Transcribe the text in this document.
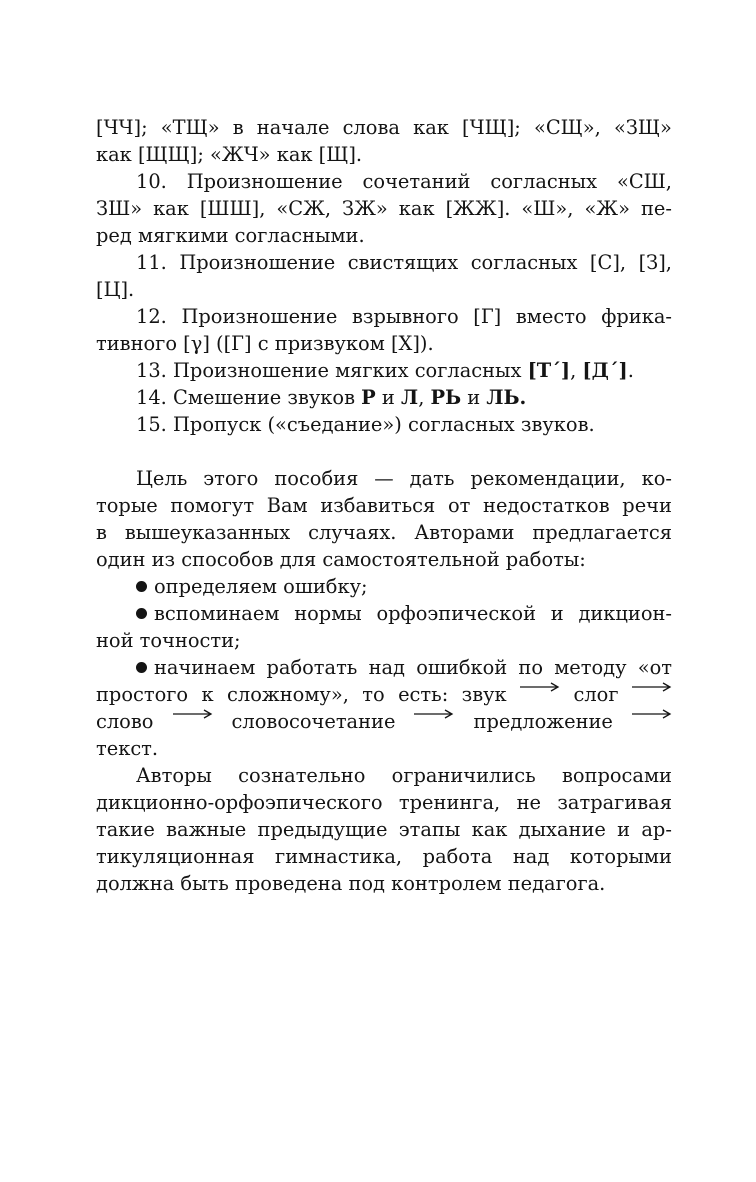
[ЧЧ]; «ТЩ» в начале слова как [ЧЩ]; «СЩ», «ЗЩ»
как [ЩЩ]; «ЖЧ» как [Щ].
10. Произношение сочетаний согласных «СШ,
ЗШ» как [ШШ], «СЖ, ЗЖ» как [ЖЖ]. «Ш», «Ж» пе-
ред мягкими согласными.
11. Произношение свистящих согласных [С], [З],
[Ц].
12. Произношение взрывного [Г] вместо фрика-
тивного [γ] ([Г] с призвуком [Х]).
13. Произношение мягких согласных [Т´], [Д´].
14. Смешение звуков Р и Л, РЬ и ЛЬ.
15. Пропуск («съедание») согласных звуков.
Цель этого пособия — дать рекомендации, ко-
торые помогут Вам избавиться от недостатков речи
в вышеуказанных случаях. Авторами предлагается
один из способов для самостоятельной работы:
определяем ошибку;
вспоминаем нормы орфоэпической и дикцион-
ной точности;
начинаем работать над ошибкой по методу «от
простого к сложному», то есть: звук	слог
слово	словосочетание	предложение
текст.
Авторы сознательно ограничились вопросами
дикционно-орфоэпического тренинга, не затрагивая
такие важные предыдущие этапы как дыхание и ар-
тикуляционная гимнастика, работа над которыми
должна быть проведена под контролем педагога.
